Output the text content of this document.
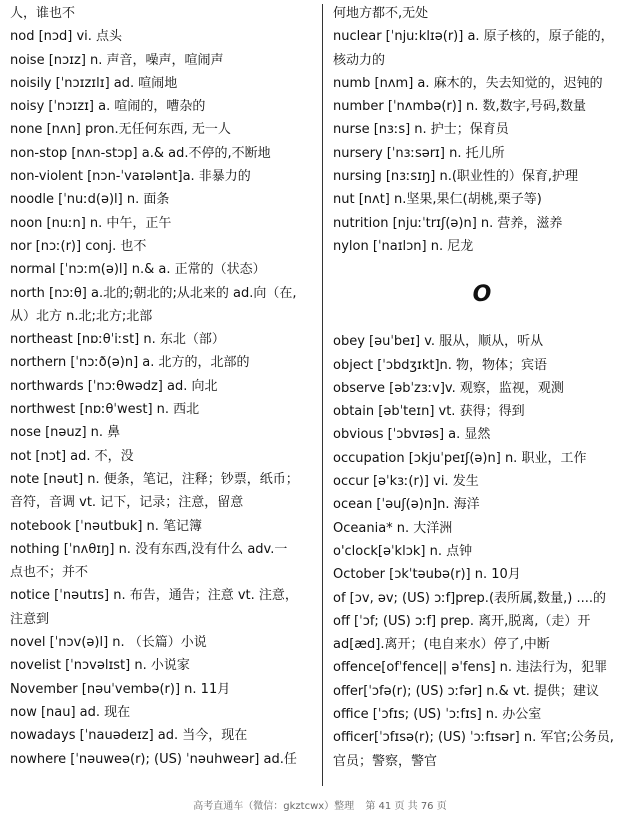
人，谁也不
nod [nɔd] vi. 点头
noise [nɔɪz] n. 声音，噪声，喧闹声
noisily [ˈnɔɪzɪlɪ] ad. 喧闹地
noisy [ˈnɔɪzɪ] a. 喧闹的，嘈杂的
none [nʌn] pron.无任何东西, 无一人
non-stop [nʌn-stɔp] a.& ad.不停的,不断地
non-violent [nɔn-ˈvaɪələnt]a. 非暴力的
noodle [ˈnuːd(ə)l] n. 面条
noon [nuːn] n. 中午，正午
nor [nɔː(r)] conj. 也不
normal [ˈnɔːm(ə)l] n.& a. 正常的（状态）
north [nɔːθ] a.北的;朝北的;从北来的 ad.向（在,
从）北方 n.北;北方;北部
northeast [nɒːθˈiːst] n. 东北（部）
northern [ˈnɔːð(ə)n] a. 北方的，北部的
northwards [ˈnɔːθwədz] ad. 向北
northwest [nɒːθˈwest] n. 西北
nose [nəuz] n. 鼻
not [nɔt] ad. 不，没
note [nəut] n. 便条，笔记，注释；钞票，纸币；
音符，音调 vt. 记下，记录；注意，留意
notebook [ˈnəutbuk] n. 笔记簿
nothing [ˈnʌθɪŋ] n. 没有东西,没有什么 adv.一
点也不；并不
notice [ˈnəutɪs] n. 布告，通告；注意 vt. 注意，
注意到
novel [ˈnɔv(ə)l] n. （长篇）小说
novelist [ˈnɔvəlɪst] n. 小说家
November [nəuˈvembə(r)] n. 11月
now [nau] ad. 现在
nowadays [ˈnauədeɪz] ad. 当今，现在
nowhere [ˈnəuweə(r); (US) ˈnəuhweər] ad.任
何地方都不,无处
nuclear [ˈnjuːklɪə(r)] a. 原子核的，原子能的，
核动力的
numb [nʌm] a. 麻木的，失去知觉的，迟钝的
number [ˈnʌmbə(r)] n. 数,数字,号码,数量
nurse [nɜːs] n. 护士；保育员
nursery [ˈnɜːsərɪ] n. 托儿所
nursing [nɜːsɪŋ] n.(职业性的）保育,护理
nut [nʌt] n.坚果,果仁(胡桃,栗子等)
nutrition [njuːˈtrɪʃ(ə)n] n. 营养，滋养
nylon [ˈnaɪlɔn] n. 尼龙
O
obey [əuˈbeɪ] v. 服从，顺从，听从
object [ˈɔbdʒɪkt]n. 物，物体；宾语
observe [əbˈzɜːv]v. 观察，监视，观测
obtain [əbˈteɪn] vt. 获得；得到
obvious [ˈɔbvɪəs] a. 显然
occupation [ɔkjuˈpeɪʃ(ə)n] n. 职业，工作
occur [əˈkɜː(r)] vi. 发生
ocean [ˈəuʃ(ə)n]n. 海洋
Oceania* n. 大洋洲
o'clock[əˈklɔk] n. 点钟
October [ɔkˈtəubə(r)] n. 10月
of [ɔv, əv; (US) ɔːf]prep.(表所属,数量,) ....的
off [ˈɔf; (US) ɔːf] prep. 离开,脱离,（走）开
ad[æd].离开；(电自来水）停了,中断
offence[ofˈfence|| əˈfens] n. 违法行为，犯罪
offer[ˈɔfə(r); (US) ɔːfər] n.& vt. 提供；建议
office [ˈɔfɪs; (US) ˈɔːfɪs] n. 办公室
officer[ˈɔfɪsə(r); (US) ˈɔːfɪsər] n. 军官;公务员,
官员；警察，警官
高考直通车（微信：gkztcwx）整理 第 41 页 共 76 页
